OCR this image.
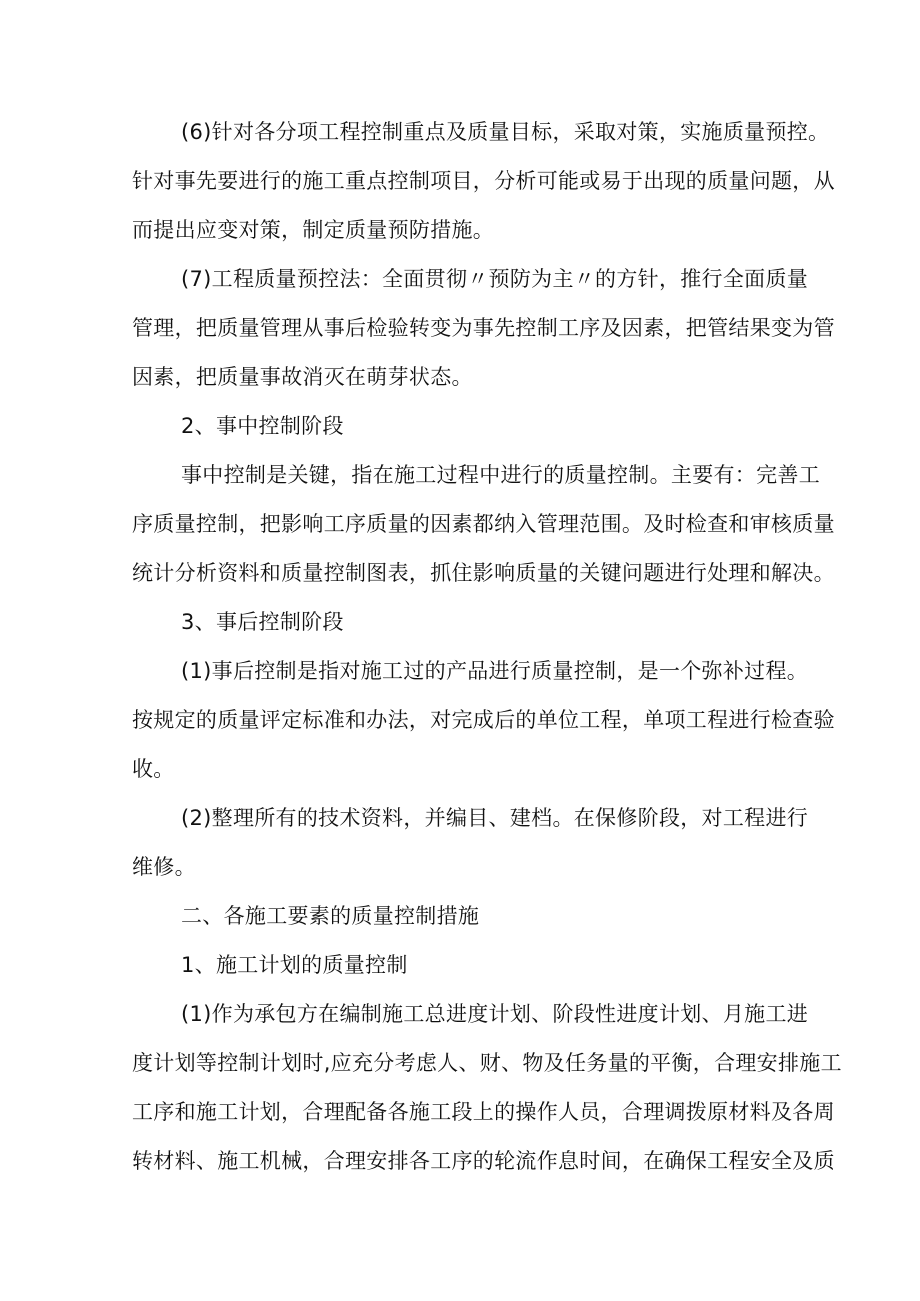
(6)针对各分项工程控制重点及质量目标，采取对策，实施质量预控。
针对事先要进行的施工重点控制项目，分析可能或易于出现的质量问题，从
而提出应变对策，制定质量预防措施。
(7)工程质量预控法：全面贯彻〃预防为主〃的方针，推行全面质量
管理，把质量管理从事后检验转变为事先控制工序及因素，把管结果变为管
因素，把质量事故消灭在萌芽状态。
2、事中控制阶段
事中控制是关键，指在施工过程中进行的质量控制。主要有：完善工
序质量控制，把影响工序质量的因素都纳入管理范围。及时检查和审核质量
统计分析资料和质量控制图表，抓住影响质量的关键问题进行处理和解决。
3、事后控制阶段
(1)事后控制是指对施工过的产品进行质量控制，是一个弥补过程。
按规定的质量评定标准和办法，对完成后的单位工程，单项工程进行检查验
收。
(2)整理所有的技术资料，并编目、建档。在保修阶段，对工程进行
维修。
二、各施工要素的质量控制措施
1、施工计划的质量控制
(1)作为承包方在编制施工总进度计划、阶段性进度计划、月施工进
度计划等控制计划时,应充分考虑人、财、物及任务量的平衡，合理安排施工
工序和施工计划，合理配备各施工段上的操作人员，合理调拨原材料及各周
转材料、施工机械，合理安排各工序的轮流作息时间，在确保工程安全及质
